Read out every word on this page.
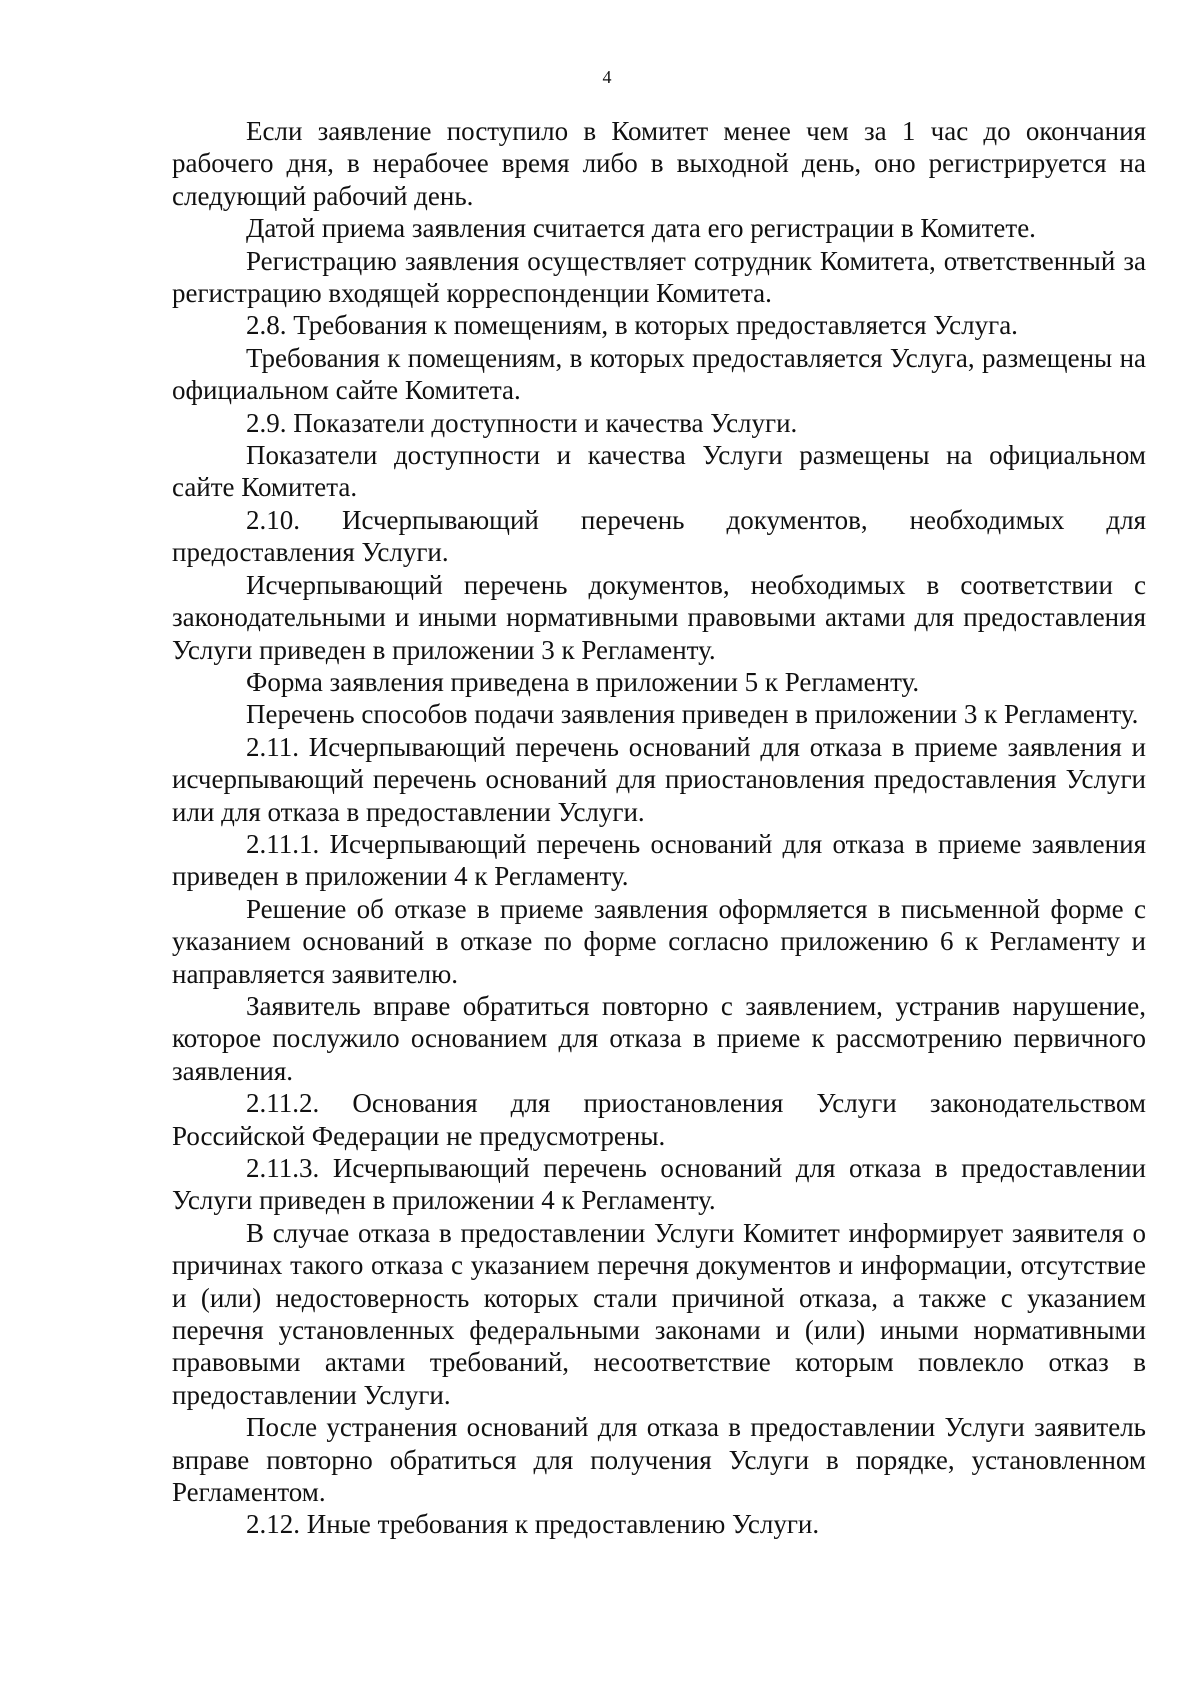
4

Если заявление поступило в Комитет менее чем за 1 час до окончания рабочего дня, в нерабочее время либо в выходной день, оно регистрируется на следующий рабочий день.

Датой приема заявления считается дата его регистрации в Комитете.

Регистрацию заявления осуществляет сотрудник Комитета, ответственный за регистрацию входящей корреспонденции Комитета.

2.8. Требования к помещениям, в которых предоставляется Услуга.

Требования к помещениям, в которых предоставляется Услуга, размещены на официальном сайте Комитета.

2.9. Показатели доступности и качества Услуги.

Показатели доступности и качества Услуги размещены на официальном сайте Комитета.

2.10. Исчерпывающий перечень документов, необходимых для предоставления Услуги.

Исчерпывающий перечень документов, необходимых в соответствии с законодательными и иными нормативными правовыми актами для предоставления Услуги приведен в приложении 3 к Регламенту.

Форма заявления приведена в приложении 5 к Регламенту.

Перечень способов подачи заявления приведен в приложении 3 к Регламенту.

2.11. Исчерпывающий перечень оснований для отказа в приеме заявления и исчерпывающий перечень оснований для приостановления предоставления Услуги или для отказа в предоставлении Услуги.

2.11.1. Исчерпывающий перечень оснований для отказа в приеме заявления приведен в приложении 4 к Регламенту.

Решение об отказе в приеме заявления оформляется в письменной форме с указанием оснований в отказе по форме согласно приложению 6 к Регламенту и направляется заявителю.

Заявитель вправе обратиться повторно с заявлением, устранив нарушение, которое послужило основанием для отказа в приеме к рассмотрению первичного заявления.

2.11.2. Основания для приостановления Услуги законодательством Российской Федерации не предусмотрены.

2.11.3. Исчерпывающий перечень оснований для отказа в предоставлении Услуги приведен в приложении 4 к Регламенту.

В случае отказа в предоставлении Услуги Комитет информирует заявителя о причинах такого отказа с указанием перечня документов и информации, отсутствие и (или) недостоверность которых стали причиной отказа, а также с указанием перечня установленных федеральными законами и (или) иными нормативными правовыми актами требований, несоответствие которым повлекло отказ в предоставлении Услуги.

После устранения оснований для отказа в предоставлении Услуги заявитель вправе повторно обратиться для получения Услуги в порядке, установленном Регламентом.

2.12. Иные требования к предоставлению Услуги.
